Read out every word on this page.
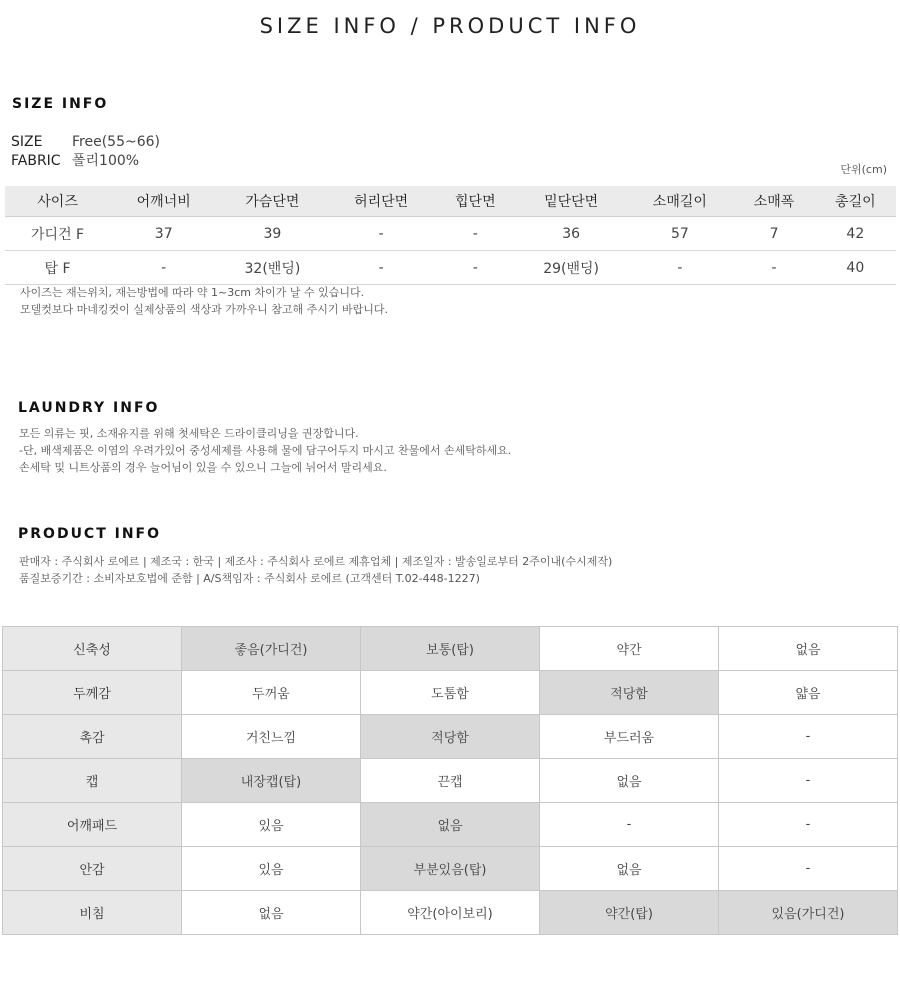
SIZE INFO / PRODUCT INFO
SIZE INFO
SIZE Free(55~66)
FABRIC 폴리100%
단위(cm)
사이즈	어깨너비	가슴단면	허리단면	힙단면	밑단단면	소매길이	소매폭	총길이
가디건 F	37	39	-	-	36	57	7	42
탑 F	-	32(밴딩)	-	-	29(밴딩)	-	-	40
사이즈는 재는위치, 재는방법에 따라 약 1~3cm 차이가 날 수 있습니다.
모델컷보다 마네킹컷이 실제상품의 색상과 가까우니 참고해 주시기 바랍니다.
LAUNDRY INFO
모든 의류는 핏, 소재유지를 위해 첫세탁은 드라이클리닝을 권장합니다.
-단, 배색제품은 이염의 우려가있어 중성세제를 사용해 물에 담구어두지 마시고 찬물에서 손세탁하세요.
손세탁 및 니트상품의 경우 늘어님이 있을 수 있으니 그늘에 뉘어서 말리세요.
PRODUCT INFO
판매자 : 주식회사 로에르 | 제조국 : 한국 | 제조사 : 주식회사 로에르 제휴업체 | 제조일자 : 발송일로부터 2주이내(수시제작)
품질보증기간 : 소비자보호법에 준함 | A/S책임자 : 주식회사 로에르 (고객센터 T.02-448-1227)
신축성	좋음(가디건)	보통(탑)	약간	없음
두께감	두꺼움	도톰함	적당함	얇음
촉감	거친느낌	적당함	부드러움	-
캡	내장캡(탑)	끈캡	없음	-
어깨패드	있음	없음	-	-
안감	있음	부분있음(탑)	없음	-
비침	없음	약간(아이보리)	약간(탑)	있음(가디건)
